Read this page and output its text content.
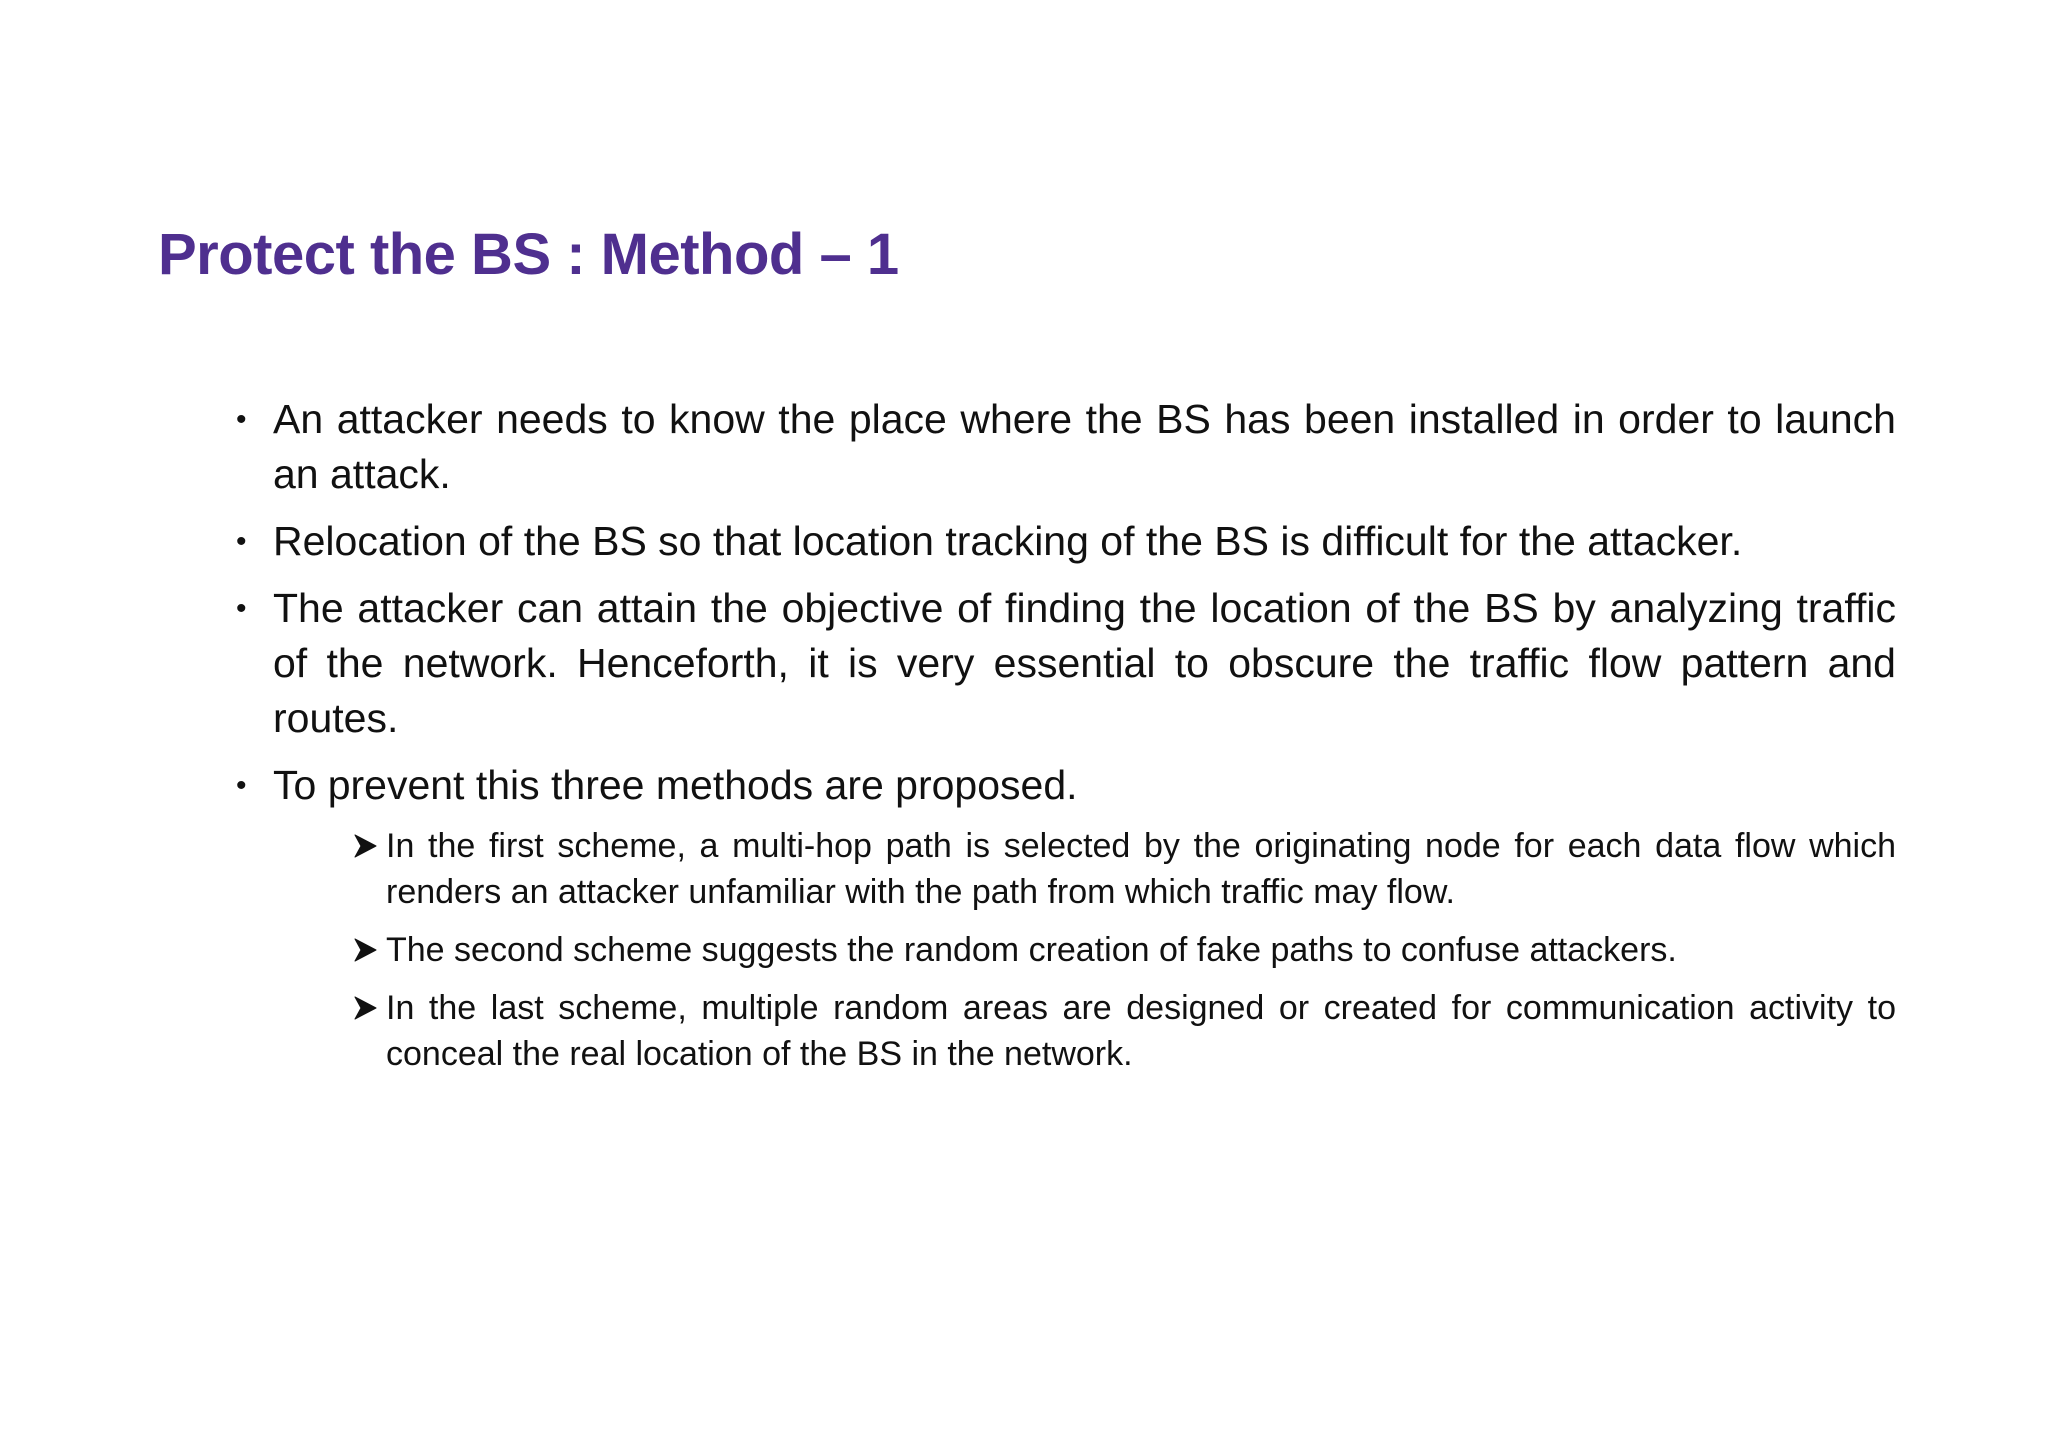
Protect the BS : Method – 1
• An attacker needs to know the place where the BS has been installed in order to launch an attack.
• Relocation of the BS so that location tracking of the BS is difficult for the attacker.
• The attacker can attain the objective of finding the location of the BS by analyzing traffic of the network. Henceforth, it is very essential to obscure the traffic flow pattern and routes.
• To prevent this three methods are proposed.
In the first scheme, a multi-hop path is selected by the originating node for each data flow which renders an attacker unfamiliar with the path from which traffic may flow.
The second scheme suggests the random creation of fake paths to confuse attackers.
In the last scheme, multiple random areas are designed or created for communication activity to conceal the real location of the BS in the network.
